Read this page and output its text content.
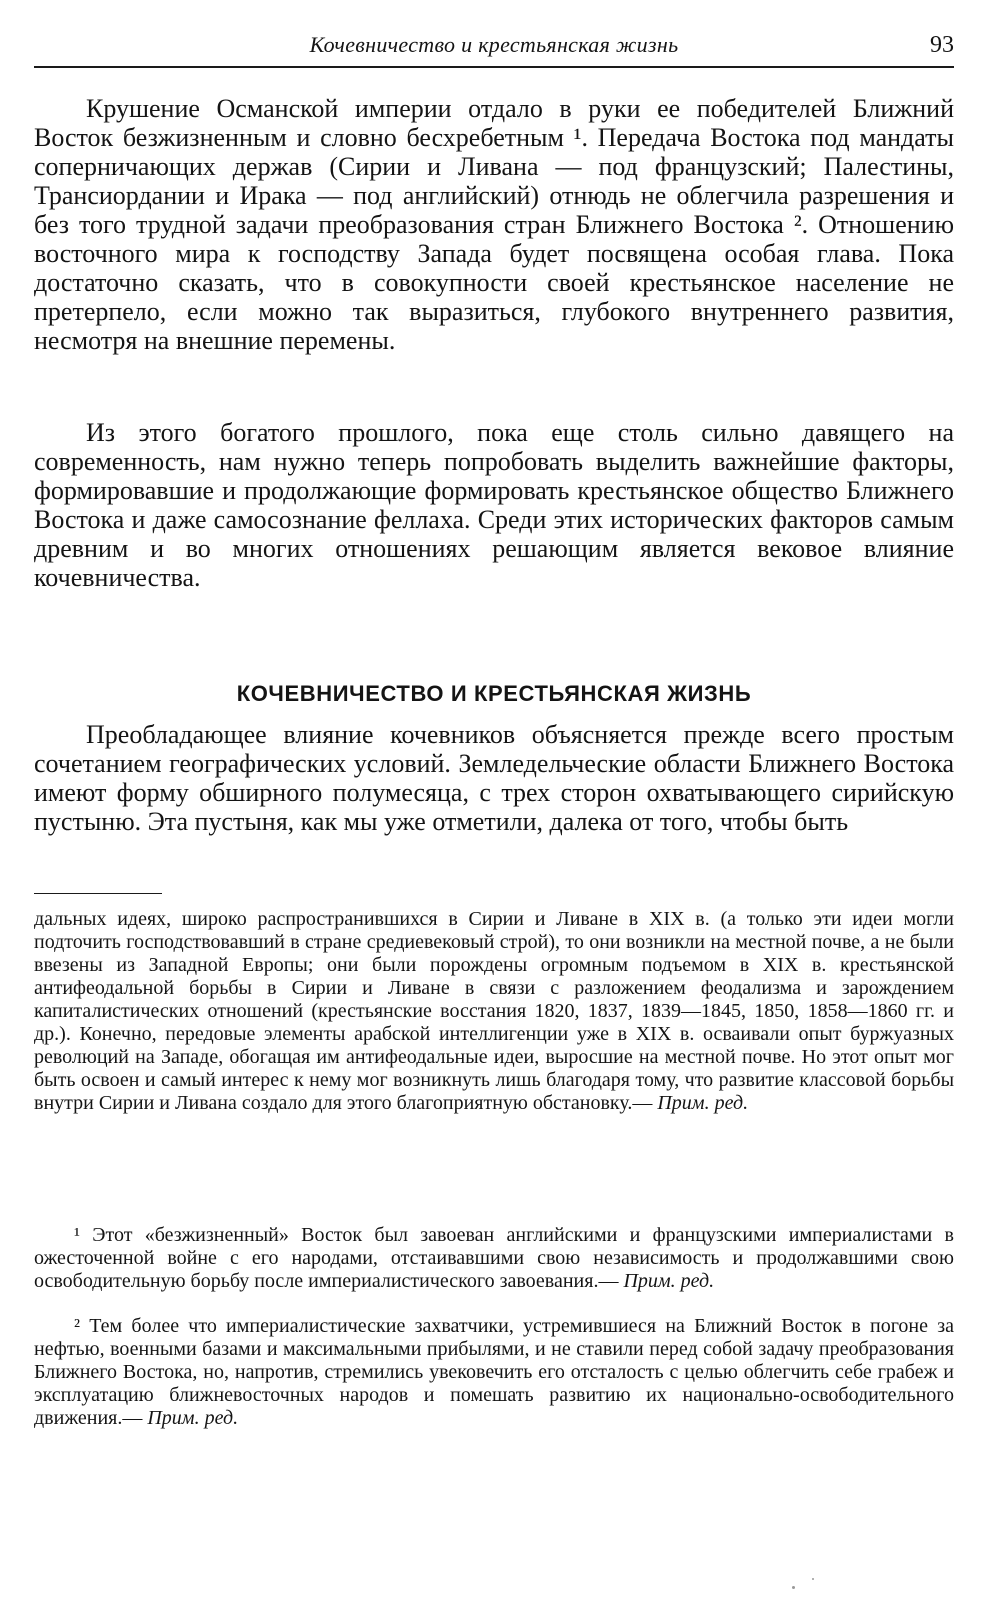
Кочевничество и крестьянская жизнь	93

Крушение Османской империи отдало в руки ее победителей Ближний Восток безжизненным и словно бесхребетным ¹. Передача Востока под мандаты соперничающих держав (Сирии и Ливана — под французский; Палестины, Трансиордании и Ирака — под английский) отнюдь не облегчила разрешения и без того трудной задачи преобразования стран Ближнего Востока ². Отношению восточного мира к господству Запада будет посвящена особая глава. Пока достаточно сказать, что в совокупности своей крестьянское население не претерпело, если можно так выразиться, глубокого внутреннего развития, несмотря на внешние перемены.

Из этого богатого прошлого, пока еще столь сильно давящего на современность, нам нужно теперь попробовать выделить важнейшие факторы, формировавшие и продолжающие формировать крестьянское общество Ближнего Востока и даже самосознание феллаха. Среди этих исторических факторов самым древним и во многих отношениях решающим является вековое влияние кочевничества.

КОЧЕВНИЧЕСТВО И КРЕСТЬЯНСКАЯ ЖИЗНЬ

Преобладающее влияние кочевников объясняется прежде всего простым сочетанием географических условий. Земледельческие области Ближнего Востока имеют форму обширного полумесяца, с трех сторон охватывающего сирийскую пустыню. Эта пустыня, как мы уже отметили, далека от того, чтобы быть

дальных идеях, широко распространившихся в Сирии и Ливане в XIX в. (а только эти идеи могли подточить господствовавший в стране средиевековый строй), то они возникли на местной почве, а не были ввезены из Западной Европы; они были порождены огромным подъемом в XIX в. крестьянской антифеодальной борьбы в Сирии и Ливане в связи с разложением феодализма и зарождением капиталистических отношений (крестьянские восстания 1820, 1837, 1839—1845, 1850, 1858—1860 гг. и др.). Конечно, передовые элементы арабской интеллигенции уже в XIX в. осваивали опыт буржуазных революций на Западе, обогащая им антифеодальные идеи, выросшие на местной почве. Но этот опыт мог быть освоен и самый интерес к нему мог возникнуть лишь благодаря тому, что развитие классовой борьбы внутри Сирии и Ливана создало для этого благоприятную обстановку.— Прим. ред.

¹ Этот «безжизненный» Восток был завоеван английскими и французскими империалистами в ожесточенной войне с его народами, отстаивавшими свою независимость и продолжавшими свою освободительную борьбу после империалистического завоевания.— Прим. ред.

² Тем более что империалистические захватчики, устремившиеся на Ближний Восток в погоне за нефтью, военными базами и максимальными прибылями, и не ставили перед собой задачу преобразования Ближнего Востока, но, напротив, стремились увековечить его отсталость с целью облегчить себе грабеж и эксплуатацию ближневосточных народов и помешать развитию их национально-освободительного движения.— Прим. ред.
